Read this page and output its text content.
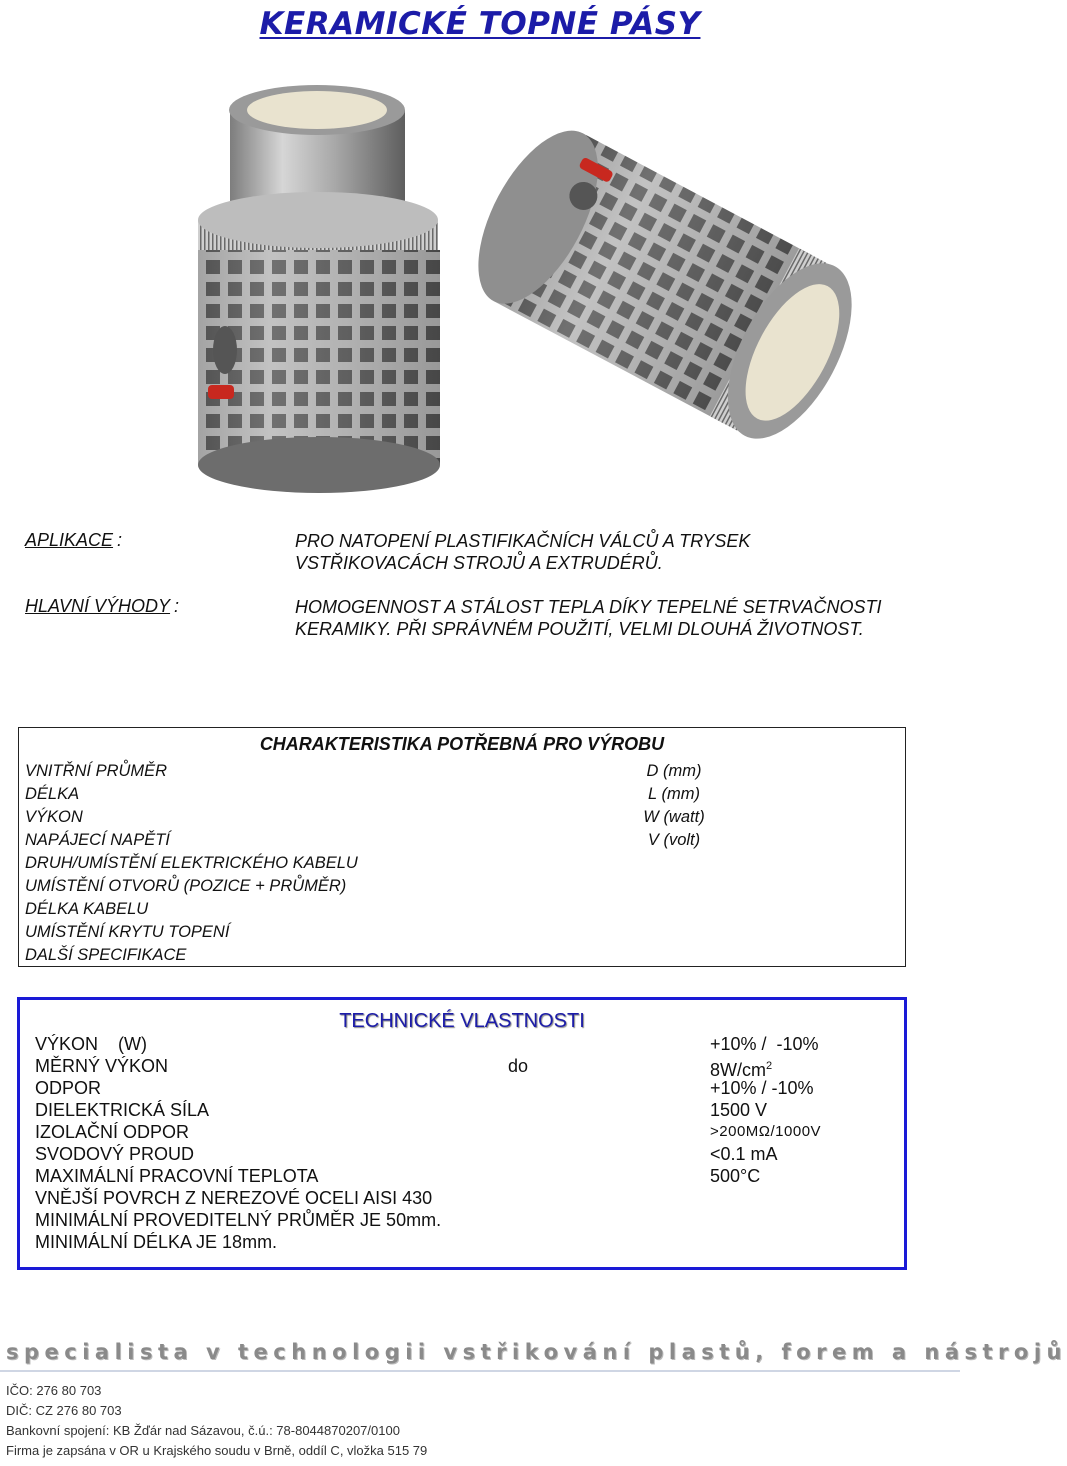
KERAMICKÉ TOPNÉ PÁSY
APLIKACE :	PRO NATOPENÍ PLASTIFIKAČNÍCH VÁLCŮ A TRYSEK
VSTŘIKOVACÁCH STROJŮ A EXTRUDÉRŮ.
HLAVNÍ VÝHODY :	HOMOGENNOST A STÁLOST TEPLA DÍKY TEPELNÉ SETRVAČNOSTI
KERAMIKY. PŘI SPRÁVNÉM POUŽITÍ, VELMI DLOUHÁ ŽIVOTNOST.
CHARAKTERISTIKA POTŘEBNÁ PRO VÝROBU
VNITŘNÍ PRŮMĚR
DÉLKA
VÝKON
NAPÁJECÍ NAPĚTÍ
DRUH/UMÍSTĚNÍ ELEKTRICKÉHO KABELU
UMÍSTĚNÍ OTVORŮ (POZICE + PRŮMĚR)
DÉLKA KABELU
UMÍSTĚNÍ KRYTU TOPENÍ
DALŠÍ SPECIFIKACE
D (mm)
L (mm)
W (watt)
V (volt)
TECHNICKÉ VLASTNOSTI
VÝKON    (W)
MĚRNÝ VÝKON
ODPOR
DIELEKTRICKÁ SÍLA
IZOLAČNÍ ODPOR
SVODOVÝ PROUD
MAXIMÁLNÍ PRACOVNÍ TEPLOTA
VNĚJŠÍ POVRCH Z NEREZOVÉ OCELI AISI 430
MINIMÁLNÍ PROVEDITELNÝ PRŮMĚR JE 50mm.
MINIMÁLNÍ DÉLKA JE 18mm.
do
+10% /  -10%
$8W/cm^2$
+10% / -10%
1500 V
>200MΩ/1000V
<0.1 mA
500°C
specialista v technologii vstřikování plastů, forem a nástrojů
IČO: 276 80 703
DIČ: CZ 276 80 703
Bankovní spojení: KB Žďár nad Sázavou, č.ú.: 78-8044870207/0100
Firma je zapsána v OR u Krajského soudu v Brně, oddíl C, vložka 515 79
